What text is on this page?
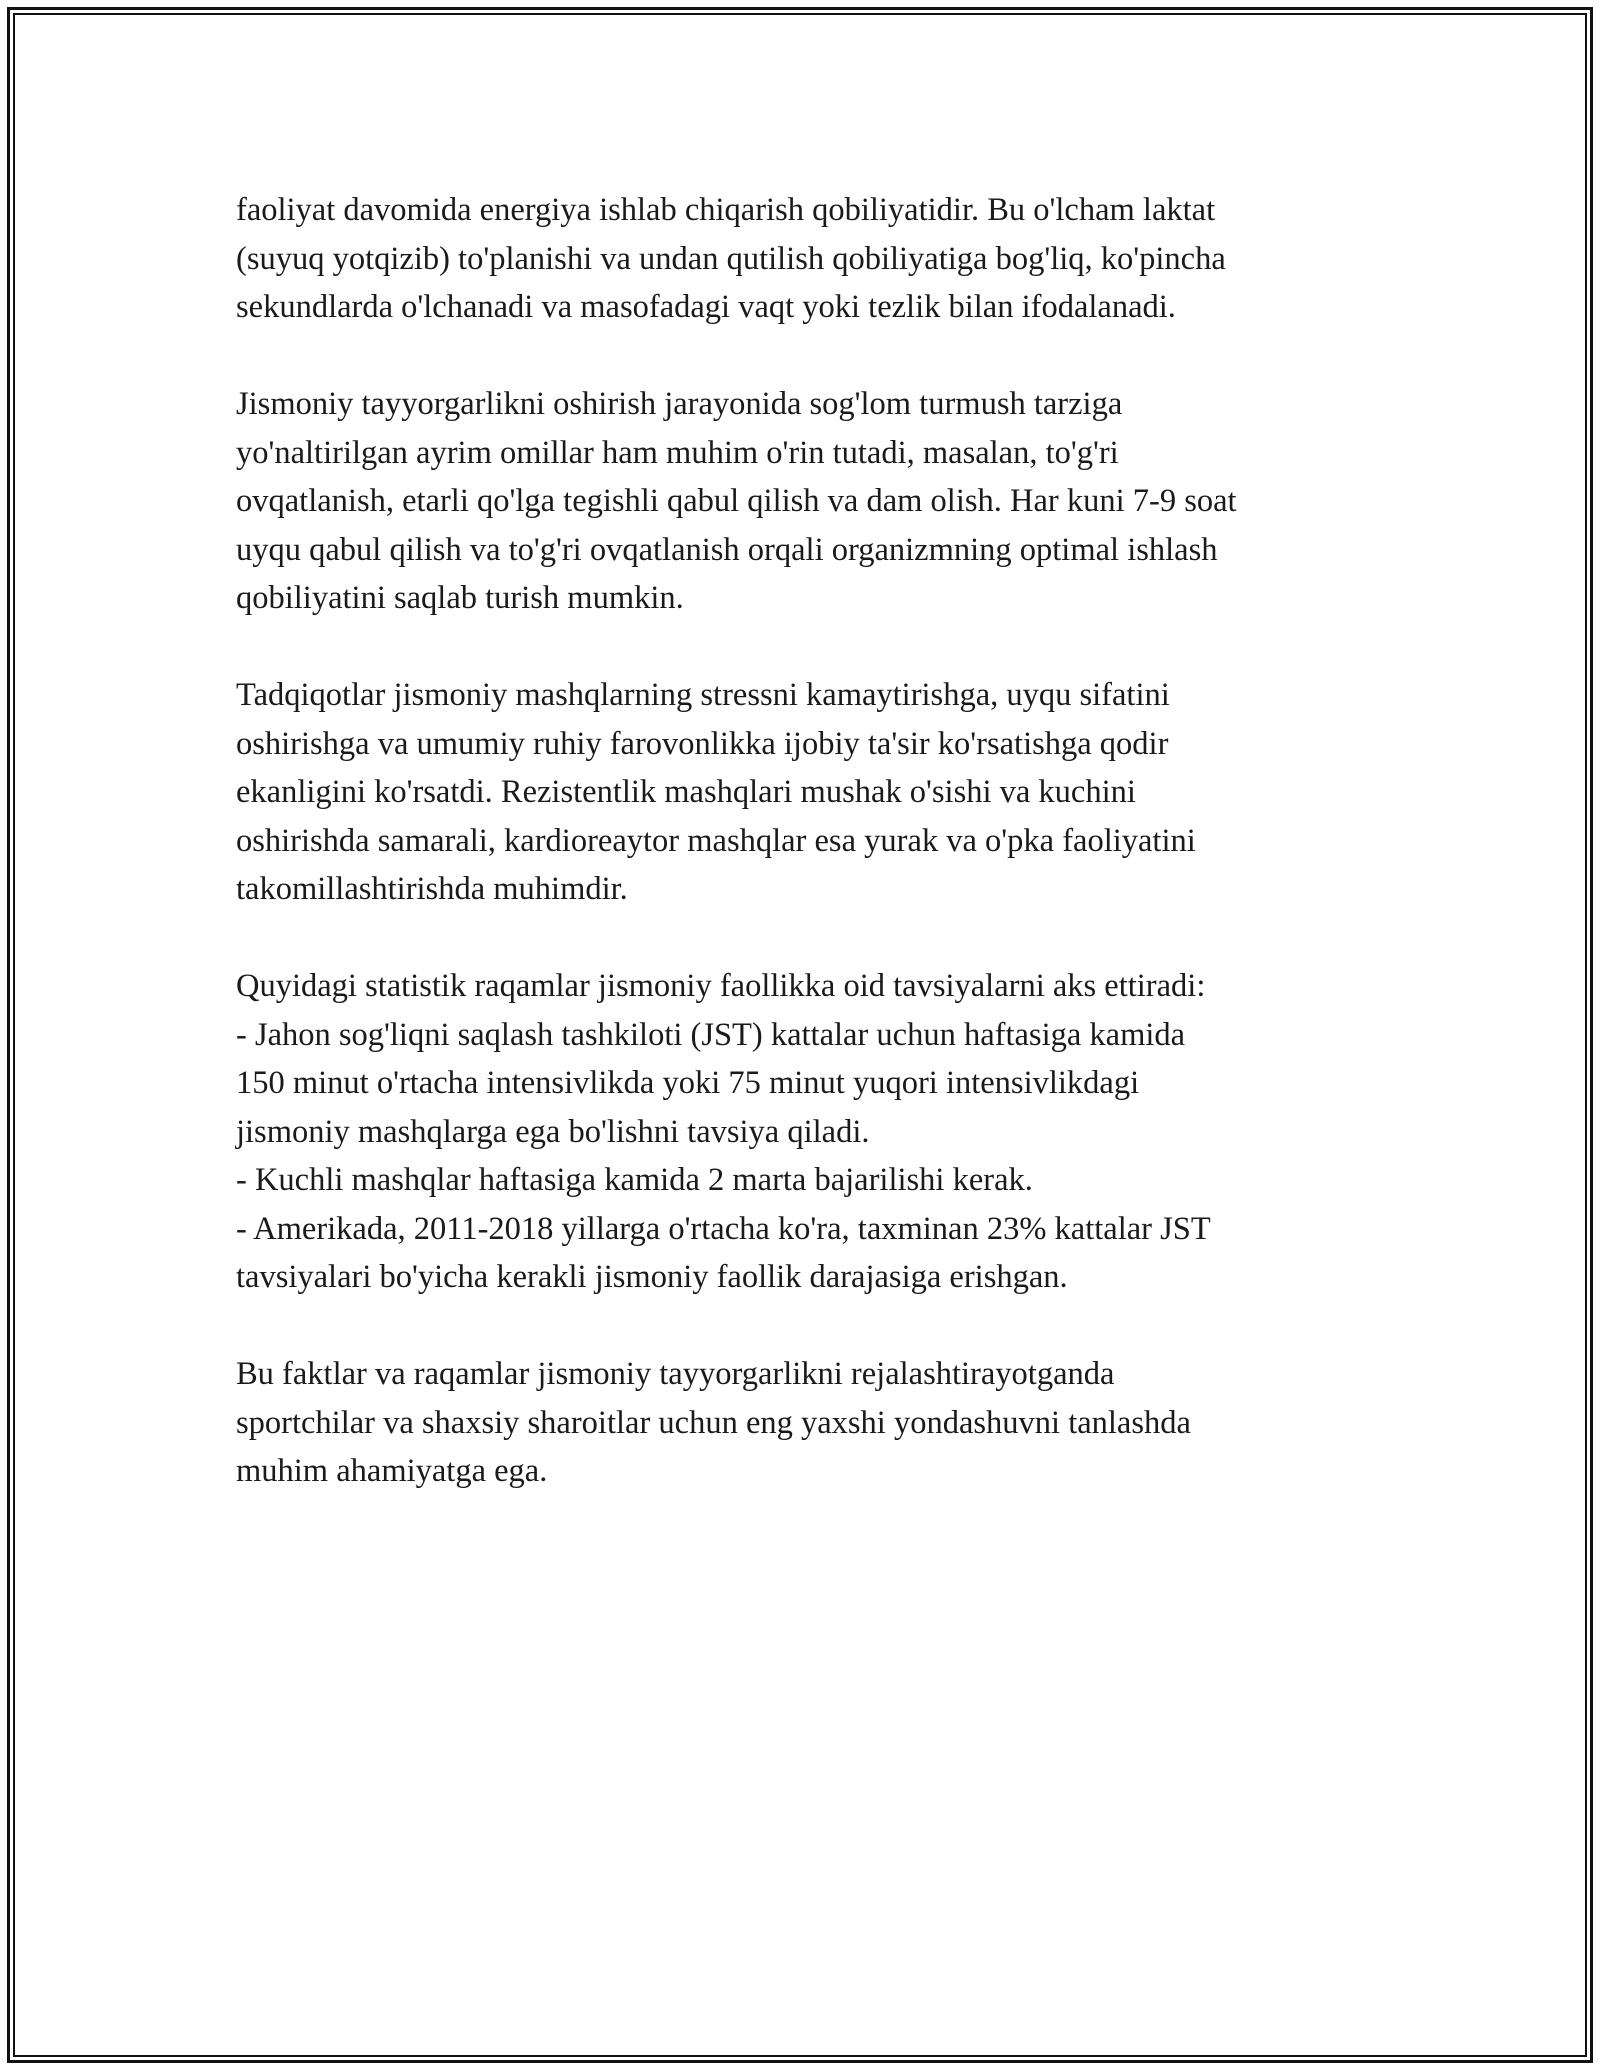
faoliyat davomida energiya ishlab chiqarish qobiliyatidir. Bu o'lcham laktat
(suyuq yotqizib) to'planishi va undan qutilish qobiliyatiga bog'liq, ko'pincha
sekundlarda o'lchanadi va masofadagi vaqt yoki tezlik bilan ifodalanadi.

Jismoniy tayyorgarlikni oshirish jarayonida sog'lom turmush tarziga
yo'naltirilgan ayrim omillar ham muhim o'rin tutadi, masalan, to'g'ri
ovqatlanish, etarli qo'lga tegishli qabul qilish va dam olish. Har kuni 7-9 soat
uyqu qabul qilish va to'g'ri ovqatlanish orqali organizmning optimal ishlash
qobiliyatini saqlab turish mumkin.

Tadqiqotlar jismoniy mashqlarning stressni kamaytirishga, uyqu sifatini
oshirishga va umumiy ruhiy farovonlikka ijobiy ta'sir ko'rsatishga qodir
ekanligini ko'rsatdi. Rezistentlik mashqlari mushak o'sishi va kuchini
oshirishda samarali, kardioreaytor mashqlar esa yurak va o'pka faoliyatini
takomillashtirishda muhimdir.

Quyidagi statistik raqamlar jismoniy faollikka oid tavsiyalarni aks ettiradi:
- Jahon sog'liqni saqlash tashkiloti (JST) kattalar uchun haftasiga kamida
150 minut o'rtacha intensivlikda yoki 75 minut yuqori intensivlikdagi
jismoniy mashqlarga ega bo'lishni tavsiya qiladi.
- Kuchli mashqlar haftasiga kamida 2 marta bajarilishi kerak.
- Amerikada, 2011-2018 yillarga o'rtacha ko'ra, taxminan 23% kattalar JST
tavsiyalari bo'yicha kerakli jismoniy faollik darajasiga erishgan.

Bu faktlar va raqamlar jismoniy tayyorgarlikni rejalashtirayotganda
sportchilar va shaxsiy sharoitlar uchun eng yaxshi yondashuvni tanlashda
muhim ahamiyatga ega.
